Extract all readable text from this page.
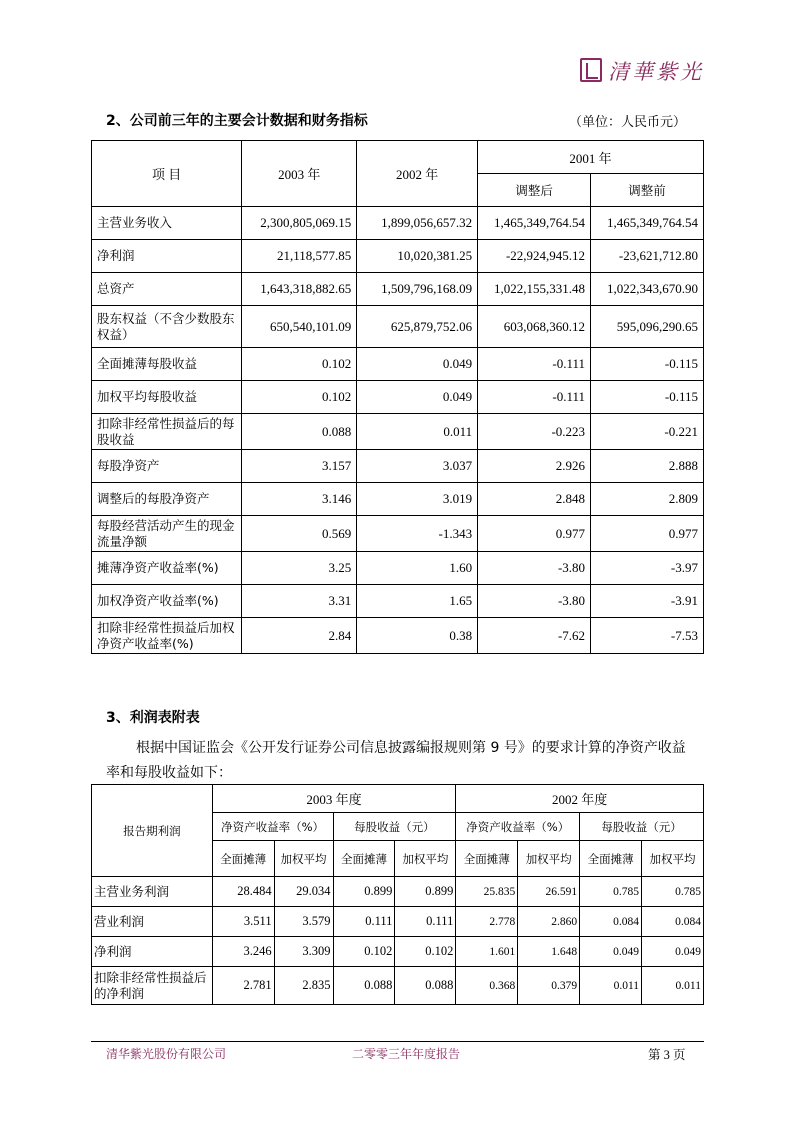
清華紫光
2、公司前三年的主要会计数据和财务指标	（单位：人民币元）
项 目	2003 年	2002 年	2001 年	
			调整后	调整前
主营业务收入	2,300,805,069.15	1,899,056,657.32	1,465,349,764.54	1,465,349,764.54
净利润	21,118,577.85	10,020,381.25	-22,924,945.12	-23,621,712.80
总资产	1,643,318,882.65	1,509,796,168.09	1,022,155,331.48	1,022,343,670.90
股东权益（不含少数股东权益）	650,540,101.09	625,879,752.06	603,068,360.12	595,096,290.65
全面摊薄每股收益	0.102	0.049	-0.111	-0.115
加权平均每股收益	0.102	0.049	-0.111	-0.115
扣除非经常性损益后的每股收益	0.088	0.011	-0.223	-0.221
每股净资产	3.157	3.037	2.926	2.888
调整后的每股净资产	3.146	3.019	2.848	2.809
每股经营活动产生的现金流量净额	0.569	-1.343	0.977	0.977
摊薄净资产收益率(%)	3.25	1.60	-3.80	-3.97
加权净资产收益率(%)	3.31	1.65	-3.80	-3.91
扣除非经常性损益后加权净资产收益率(%)	2.84	0.38	-7.62	-7.53
3、利润表附表

根据中国证监会《公开发行证券公司信息披露编报规则第 9 号》的要求计算的净资产收益率和每股收益如下：

报告期利润	2003 年度				2002 年度			
	净资产收益率（%）		每股收益（元）		净资产收益率（%）		每股收益（元）	
	全面摊薄	加权平均	全面摊薄	加权平均	全面摊薄	加权平均	全面摊薄	加权平均
主营业务利润	28.484	29.034	0.899	0.899	25.835	26.591	0.785	0.785
营业利润	3.511	3.579	0.111	0.111	2.778	2.860	0.084	0.084
净利润	3.246	3.309	0.102	0.102	1.601	1.648	0.049	0.049
扣除非经常性损益后的净利润	2.781	2.835	0.088	0.088	0.368	0.379	0.011	0.011
清华紫光股份有限公司	二零零三年年度报告	第 3 页
